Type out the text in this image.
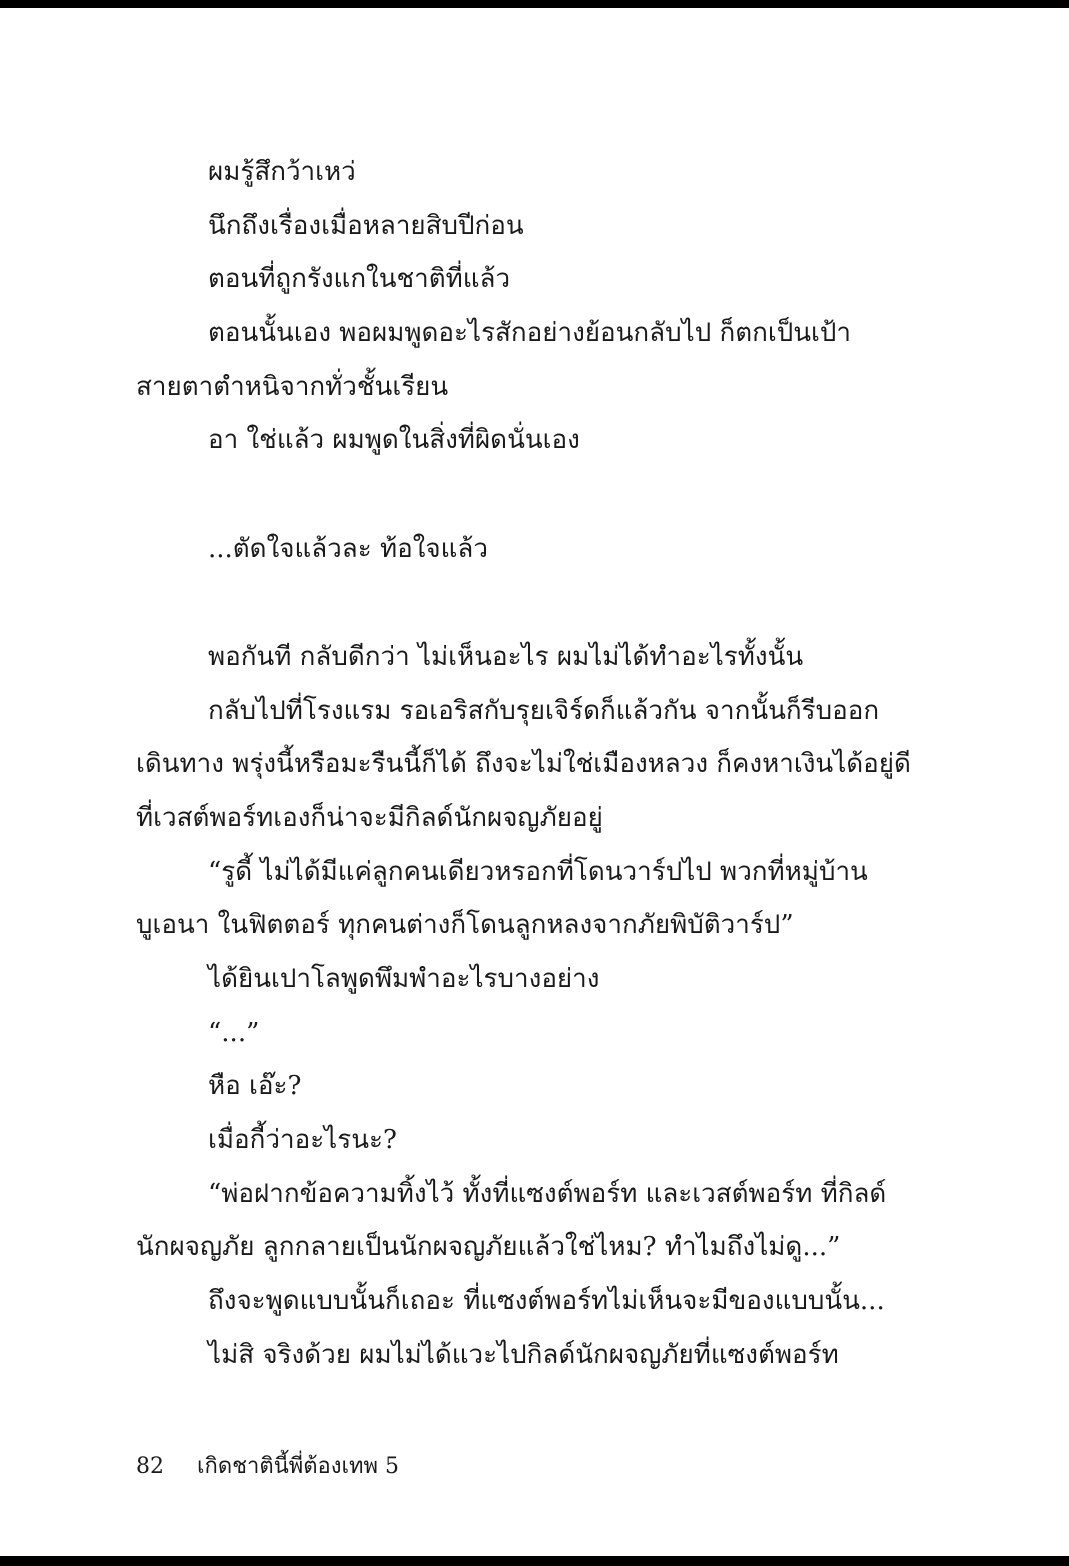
ผมรู้สึกว้าเหว่
นึกถึงเรื่องเมื่อหลายสิบปีก่อน
ตอนที่ถูกรังแกในชาติที่แล้ว
ตอนนั้นเอง พอผมพูดอะไรสักอย่างย้อนกลับไป ก็ตกเป็นเป้า
สายตาตำหนิจากทั่วชั้นเรียน
อา ใช่แล้ว ผมพูดในสิ่งที่ผิดนั่นเอง
...ตัดใจแล้วละ ท้อใจแล้ว
พอกันที กลับดีกว่า ไม่เห็นอะไร ผมไม่ได้ทำอะไรทั้งนั้น
กลับไปที่โรงแรม รอเอริสกับรุยเจิร์ดก็แล้วกัน จากนั้นก็รีบออก
เดินทาง พรุ่งนี้หรือมะรืนนี้ก็ได้ ถึงจะไม่ใช่เมืองหลวง ก็คงหาเงินได้อยู่ดี
ที่เวสต์พอร์ทเองก็น่าจะมีกิลด์นักผจญภัยอยู่
“รูดี้ ไม่ได้มีแค่ลูกคนเดียวหรอกที่โดนวาร์ปไป พวกที่หมู่บ้าน
บูเอนา ในฟิตตอร์ ทุกคนต่างก็โดนลูกหลงจากภัยพิบัติวาร์ป”
ได้ยินเปาโลพูดพึมพำอะไรบางอย่าง
“...”
หือ เอ๊ะ?
เมื่อกี้ว่าอะไรนะ?
“พ่อฝากข้อความทิ้งไว้ ทั้งที่แซงต์พอร์ท และเวสต์พอร์ท ที่กิลด์
นักผจญภัย ลูกกลายเป็นนักผจญภัยแล้วใช่ไหม? ทำไมถึงไม่ดู...”
ถึงจะพูดแบบนั้นก็เถอะ ที่แซงต์พอร์ทไม่เห็นจะมีของแบบนั้น...
ไม่สิ จริงด้วย ผมไม่ได้แวะไปกิลด์นักผจญภัยที่แซงต์พอร์ท
82 เกิดชาตินี้พี่ต้องเทพ 5
